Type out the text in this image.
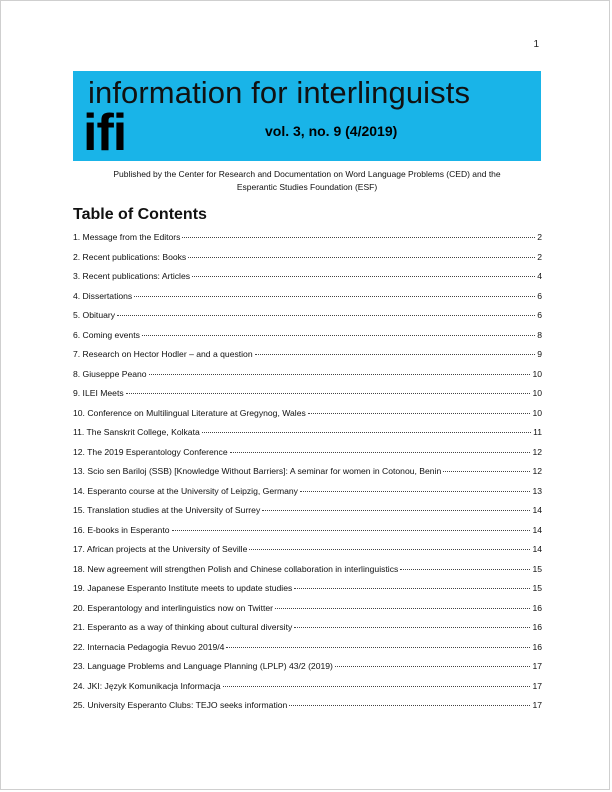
1
information for interlinguists
ifi	vol. 3, no. 9 (4/2019)
Published by the Center for Research and Documentation on Word Language Problems (CED) and the
Esperantic Studies Foundation (ESF)
Table of Contents
1. Message from the Editors	2
2. Recent publications: Books	2
3. Recent publications: Articles	4
4. Dissertations	6
5. Obituary	6
6. Coming events	8
7. Research on Hector Hodler – and a question	9
8. Giuseppe Peano	10
9. ILEI Meets	10
10. Conference on Multilingual Literature at Gregynog, Wales	10
11. The Sanskrit College, Kolkata	11
12. The 2019 Esperantology Conference	12
13. Scio sen Bariloj (SSB) [Knowledge Without Barriers]: A seminar for women in Cotonou, Benin	12
14. Esperanto course at the University of Leipzig, Germany	13
15. Translation studies at the University of Surrey	14
16. E-books in Esperanto	14
17. African projects at the University of Seville	14
18. New agreement will strengthen Polish and Chinese collaboration in interlinguistics	15
19. Japanese Esperanto Institute meets to update studies	15
20. Esperantology and interlinguistics now on Twitter	16
21. Esperanto as a way of thinking about cultural diversity	16
22. Internacia Pedagogia Revuo 2019/4	16
23. Language Problems and Language Planning (LPLP) 43/2 (2019)	17
24. JKI: Język Komunikacja Informacja	17
25. University Esperanto Clubs: TEJO seeks information	17
